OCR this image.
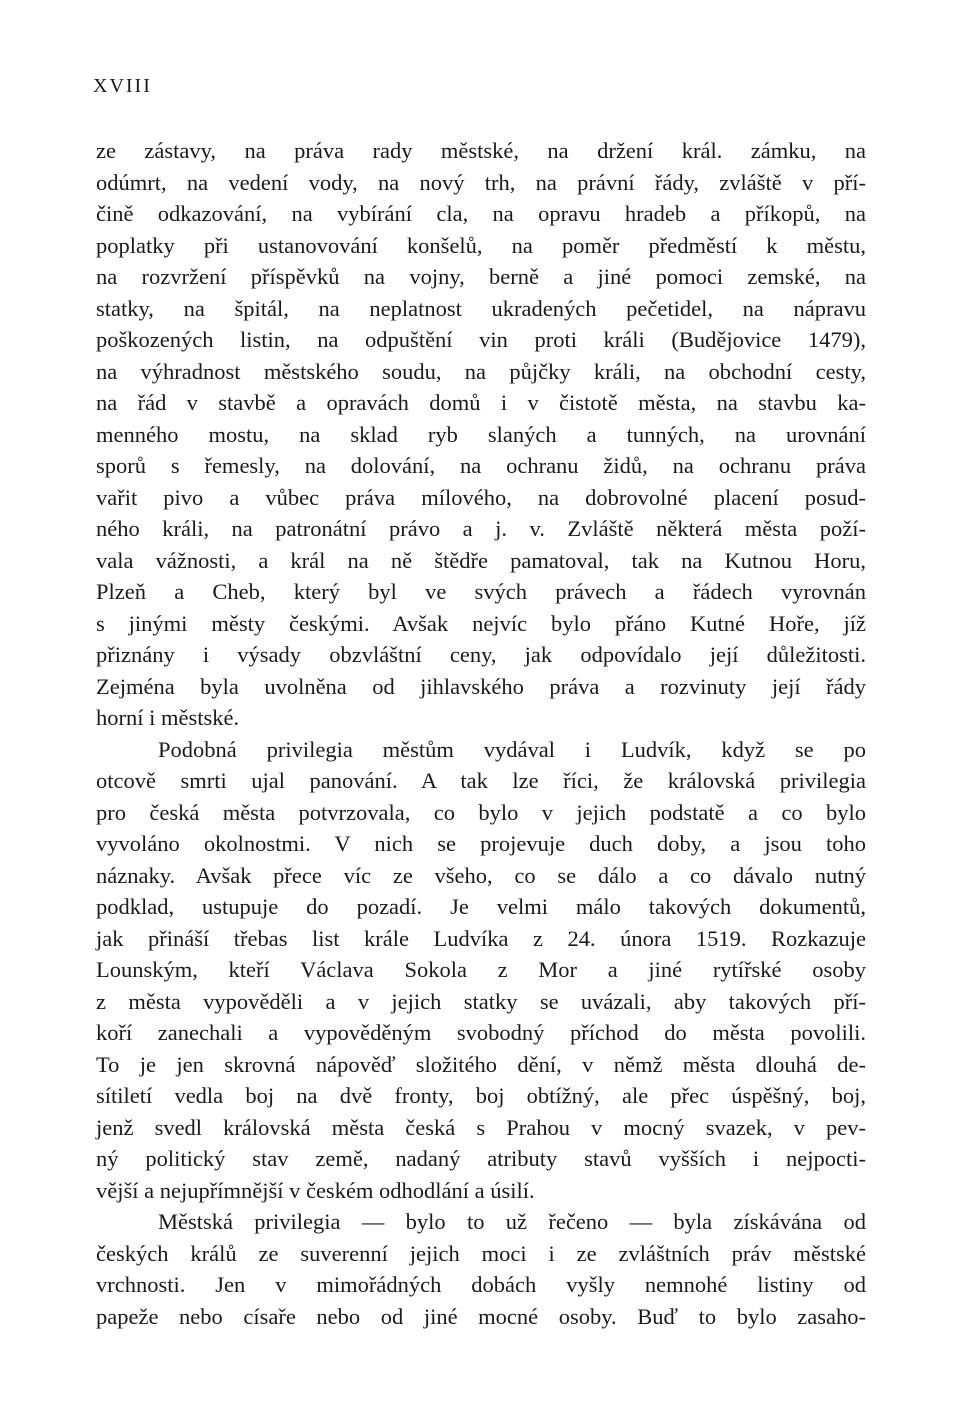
XVIII
ze zástavy, na práva rady městské, na držení král. zámku, na
odúmrt, na vedení vody, na nový trh, na právní řády, zvláště v pří-
čině odkazování, na vybírání cla, na opravu hradeb a příkopů, na
poplatky při ustanovování konšelů, na poměr předměstí k městu,
na rozvržení příspěvků na vojny, berně a jiné pomoci zemské, na
statky, na špitál, na neplatnost ukradených pečetidel, na nápravu
poškozených listin, na odpuštění vin proti králi (Budějovice 1479),
na výhradnost městského soudu, na půjčky králi, na obchodní cesty,
na řád v stavbě a opravách domů i v čistotě města, na stavbu ka-
menného mostu, na sklad ryb slaných a tunných, na urovnání
sporů s řemesly, na dolování, na ochranu židů, na ochranu práva
vařit pivo a vůbec práva mílového, na dobrovolné placení posud-
ného králi, na patronátní právo a j. v. Zvláště některá města poží-
vala vážnosti, a král na ně štědře pamatoval, tak na Kutnou Horu,
Plzeň a Cheb, který byl ve svých právech a řádech vyrovnán
s jinými městy českými. Avšak nejvíc bylo přáno Kutné Hoře, jíž
přiznány i výsady obzvláštní ceny, jak odpovídalo její důležitosti.
Zejména byla uvolněna od jihlavského práva a rozvinuty její řády
horní i městské.
Podobná privilegia městům vydával i Ludvík, když se po
otcově smrti ujal panování. A tak lze říci, že královská privilegia
pro česká města potvrzovala, co bylo v jejich podstatě a co bylo
vyvoláno okolnostmi. V nich se projevuje duch doby, a jsou toho
náznaky. Avšak přece víc ze všeho, co se dálo a co dávalo nutný
podklad, ustupuje do pozadí. Je velmi málo takových dokumentů,
jak přináší třebas list krále Ludvíka z 24. února 1519. Rozkazuje
Lounským, kteří Václava Sokola z Mor a jiné rytířské osoby
z města vypověděli a v jejich statky se uvázali, aby takových pří-
koří zanechali a vypověděným svobodný příchod do města povolili.
To je jen skrovná nápověď složitého dění, v němž města dlouhá de-
sítiletí vedla boj na dvě fronty, boj obtížný, ale přec úspěšný, boj,
jenž svedl královská města česká s Prahou v mocný svazek, v pev-
ný politický stav země, nadaný atributy stavů vyšších i nejpocti-
vější a nejupřímnější v českém odhodlání a úsilí.
Městská privilegia — bylo to už řečeno — byla získávána od
českých králů ze suverenní jejich moci i ze zvláštních práv městské
vrchnosti. Jen v mimořádných dobách vyšly nemnohé listiny od
papeže nebo císaře nebo od jiné mocné osoby. Buď to bylo zasaho-
